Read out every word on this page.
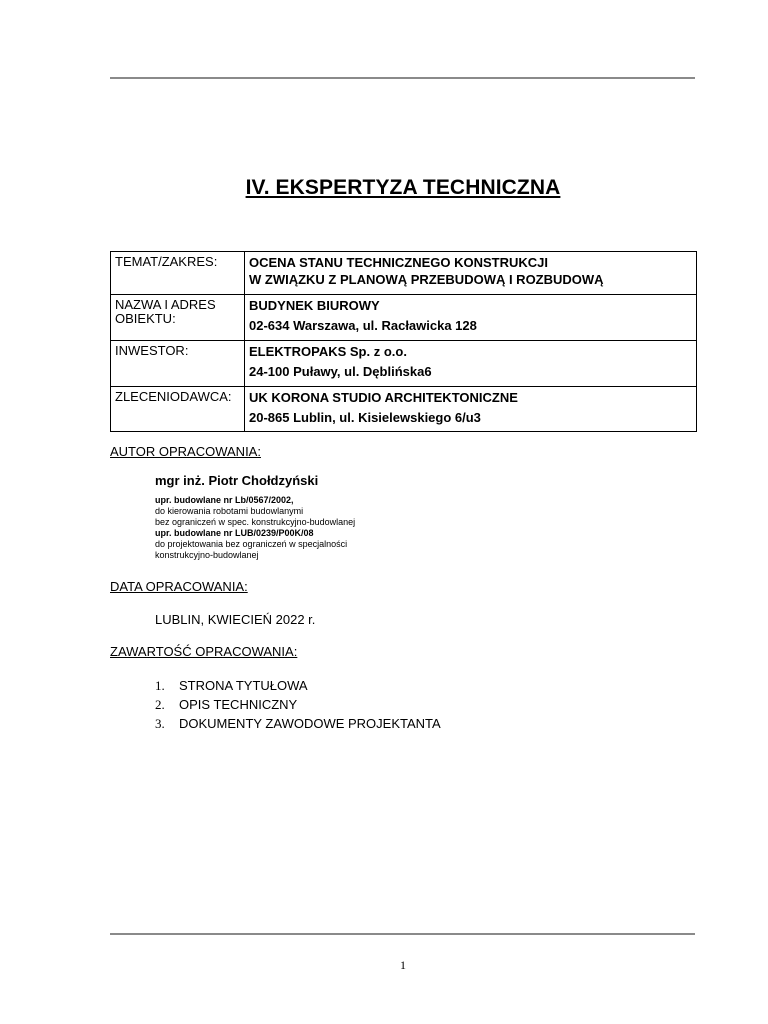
IV. EKSPERTYZA TECHNICZNA
TEMAT/ZAKRES:	OCENA STANU TECHNICZNEGO KONSTRUKCJI
W ZWIĄZKU Z PLANOWĄ PRZEBUDOWĄ I ROZBUDOWĄ

NAZWA I ADRES OBIEKTU:	BUDYNEK BIUROWY
02-634 Warszawa, ul. Racławicka 128

INWESTOR:	ELEKTROPAKS Sp. z o.o.
24-100 Puławy, ul. Dęblińska6

ZLECENIODAWCA:	UK KORONA STUDIO ARCHITEKTONICZNE
20-865 Lublin, ul. Kisielewskiego 6/u3
AUTOR OPRACOWANIA:
mgr inż. Piotr Chołdzyński
upr. budowlane nr Lb/0567/2002,
do kierowania robotami budowlanymi
bez ograniczeń w spec. konstrukcyjno-budowlanej
upr. budowlane nr LUB/0239/P00K/08
do projektowania bez ograniczeń w specjalności
konstrukcyjno-budowlanej
DATA OPRACOWANIA:
LUBLIN, KWIECIEŃ 2022 r.
ZAWARTOŚĆ OPRACOWANIA:
1. STRONA TYTUŁOWA
2. OPIS TECHNICZNY
3. DOKUMENTY ZAWODOWE PROJEKTANTA
1
